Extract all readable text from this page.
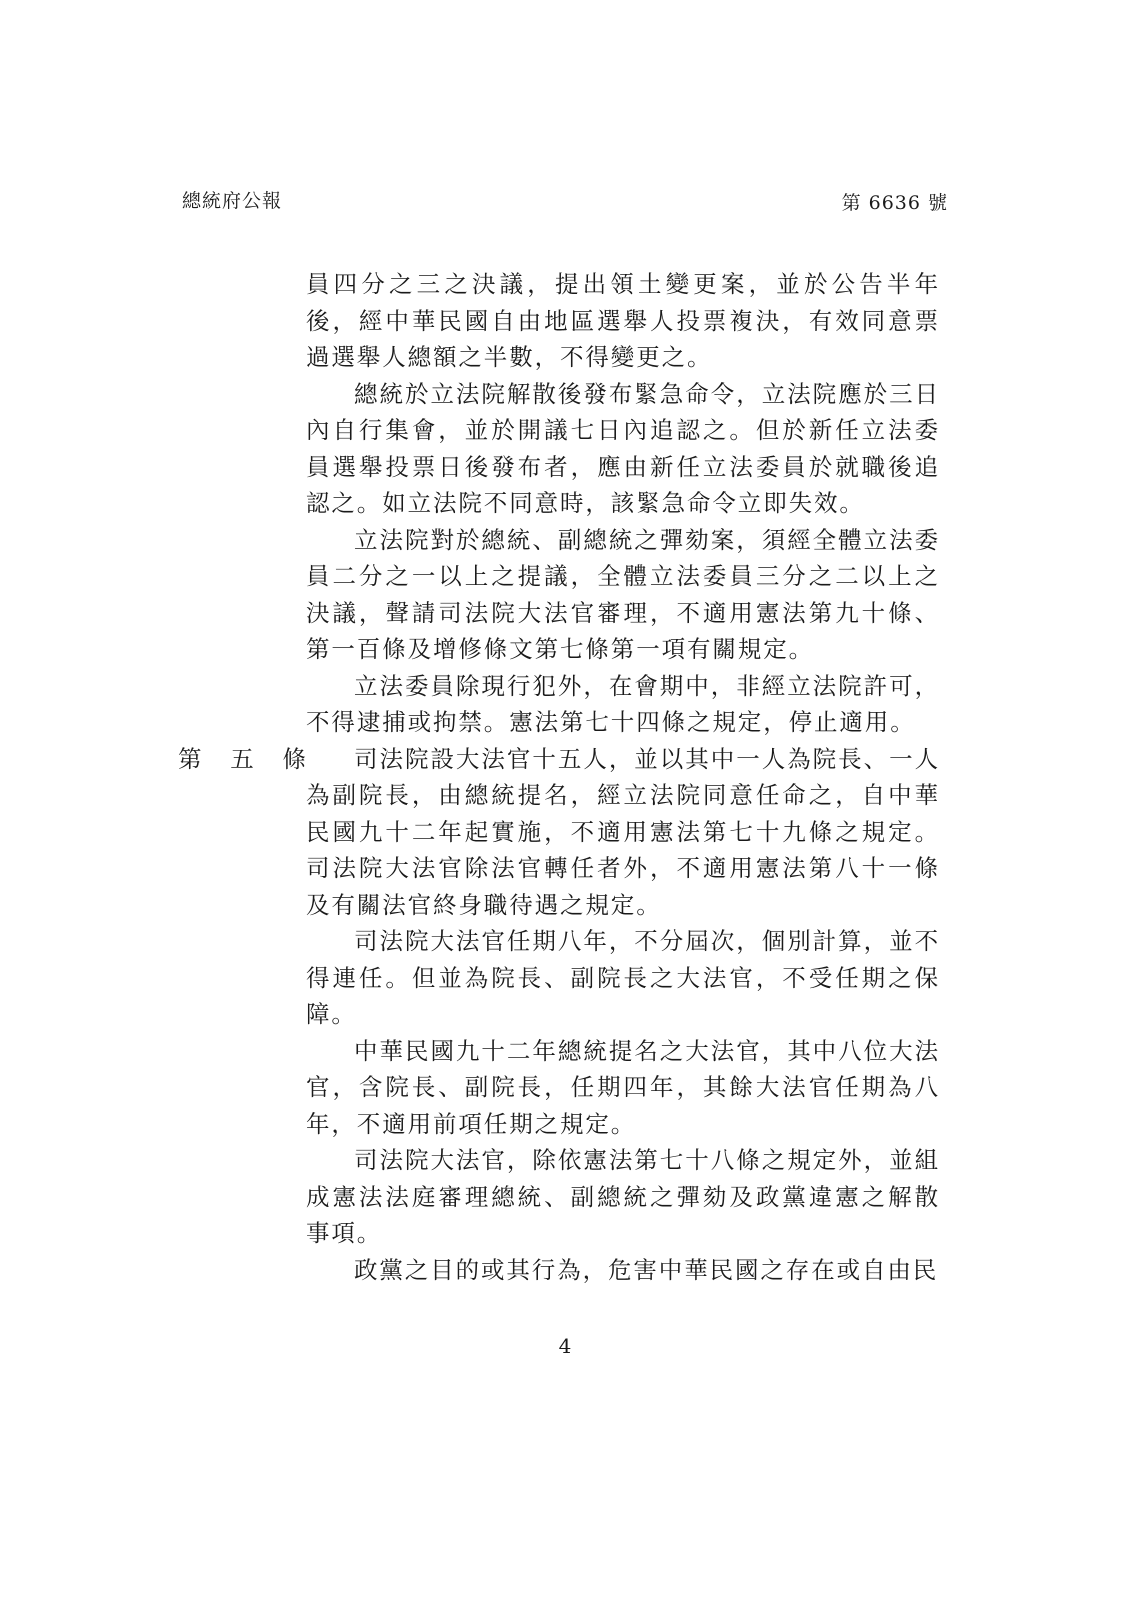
總統府公報	第 6636 號

員四分之三之決議，提出領土變更案，並於公告半年後，經中華民國自由地區選舉人投票複決，有效同意票過選舉人總額之半數，不得變更之。

總統於立法院解散後發布緊急命令，立法院應於三日內自行集會，並於開議七日內追認之。但於新任立法委員選舉投票日後發布者，應由新任立法委員於就職後追認之。如立法院不同意時，該緊急命令立即失效。

立法院對於總統、副總統之彈劾案，須經全體立法委員二分之一以上之提議，全體立法委員三分之二以上之決議，聲請司法院大法官審理，不適用憲法第九十條、第一百條及增修條文第七條第一項有關規定。

立法委員除現行犯外，在會期中，非經立法院許可，不得逮捕或拘禁。憲法第七十四條之規定，停止適用。

第 五 條	司法院設大法官十五人，並以其中一人為院長、一人為副院長，由總統提名，經立法院同意任命之，自中華民國九十二年起實施，不適用憲法第七十九條之規定。司法院大法官除法官轉任者外，不適用憲法第八十一條及有關法官終身職待遇之規定。

司法院大法官任期八年，不分屆次，個別計算，並不得連任。但並為院長、副院長之大法官，不受任期之保障。

中華民國九十二年總統提名之大法官，其中八位大法官，含院長、副院長，任期四年，其餘大法官任期為八年，不適用前項任期之規定。

司法院大法官，除依憲法第七十八條之規定外，並組成憲法法庭審理總統、副總統之彈劾及政黨違憲之解散事項。

政黨之目的或其行為，危害中華民國之存在或自由民

4
